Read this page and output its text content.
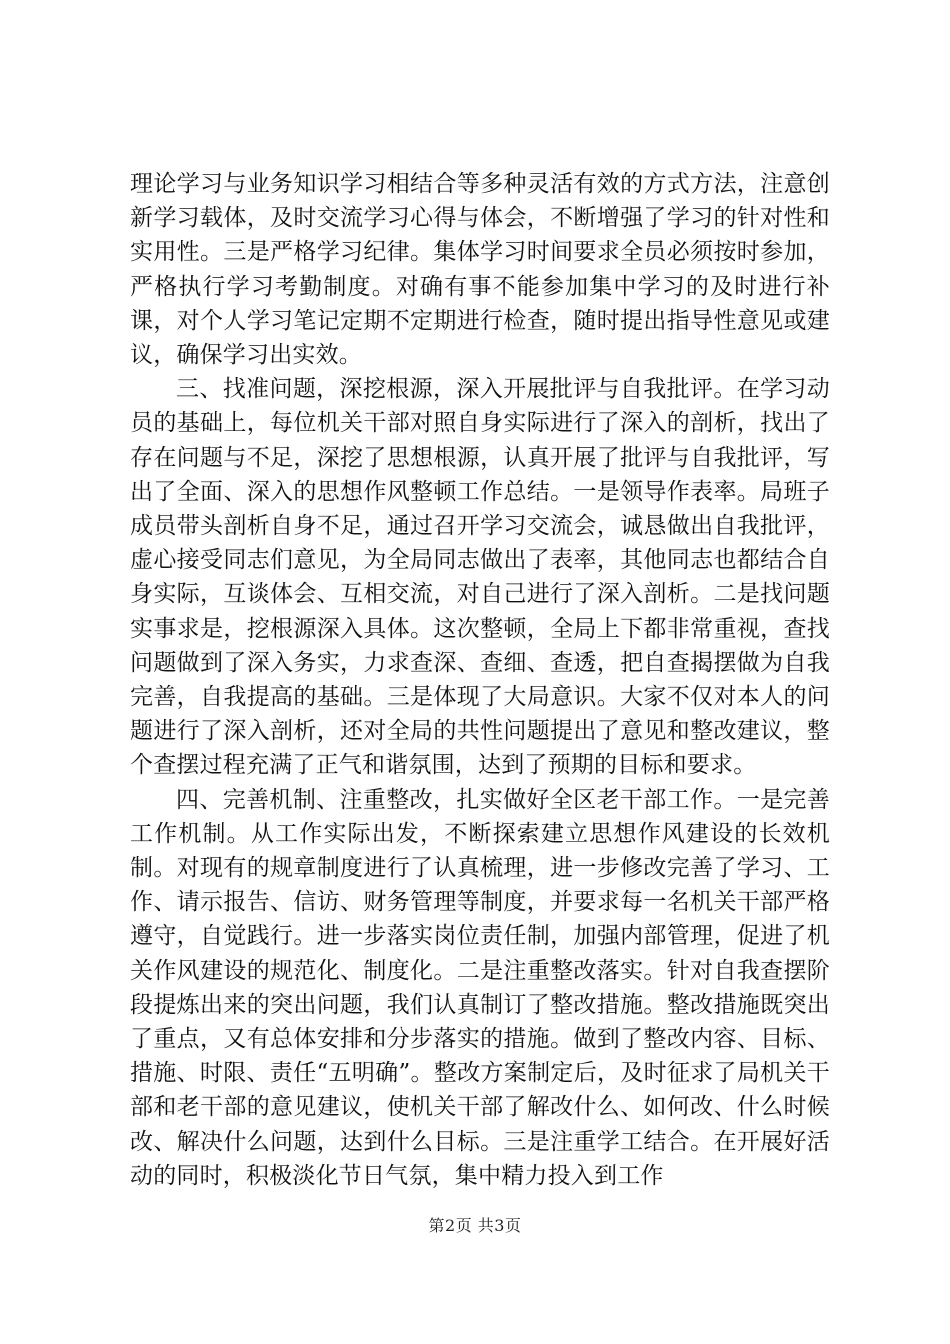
理论学习与业务知识学习相结合等多种灵活有效的方式方法，注意创新学习载体，及时交流学习心得与体会，不断增强了学习的针对性和实用性。三是严格学习纪律。集体学习时间要求全员必须按时参加，严格执行学习考勤制度。对确有事不能参加集中学习的及时进行补课，对个人学习笔记定期不定期进行检查，随时提出指导性意见或建议，确保学习出实效。

三、找准问题，深挖根源，深入开展批评与自我批评。在学习动员的基础上，每位机关干部对照自身实际进行了深入的剖析，找出了存在问题与不足，深挖了思想根源，认真开展了批评与自我批评，写出了全面、深入的思想作风整顿工作总结。一是领导作表率。局班子成员带头剖析自身不足，通过召开学习交流会，诚恳做出自我批评，虚心接受同志们意见，为全局同志做出了表率，其他同志也都结合自身实际，互谈体会、互相交流，对自己进行了深入剖析。二是找问题实事求是，挖根源深入具体。这次整顿，全局上下都非常重视，查找问题做到了深入务实，力求查深、查细、查透，把自查揭摆做为自我完善，自我提高的基础。三是体现了大局意识。大家不仅对本人的问题进行了深入剖析，还对全局的共性问题提出了意见和整改建议，整个查摆过程充满了正气和谐氛围，达到了预期的目标和要求。

四、完善机制、注重整改，扎实做好全区老干部工作。一是完善工作机制。从工作实际出发，不断探索建立思想作风建设的长效机制。对现有的规章制度进行了认真梳理，进一步修改完善了学习、工作、请示报告、信访、财务管理等制度，并要求每一名机关干部严格遵守，自觉践行。进一步落实岗位责任制，加强内部管理，促进了机关作风建设的规范化、制度化。二是注重整改落实。针对自我查摆阶段提炼出来的突出问题，我们认真制订了整改措施。整改措施既突出了重点，又有总体安排和分步落实的措施。做到了整改内容、目标、措施、时限、责任“五明确”。整改方案制定后，及时征求了局机关干部和老干部的意见建议，使机关干部了解改什么、如何改、什么时候改、解决什么问题，达到什么目标。三是注重学工结合。在开展好活动的同时，积极淡化节日气氛，集中精力投入到工作

第2页 共3页
